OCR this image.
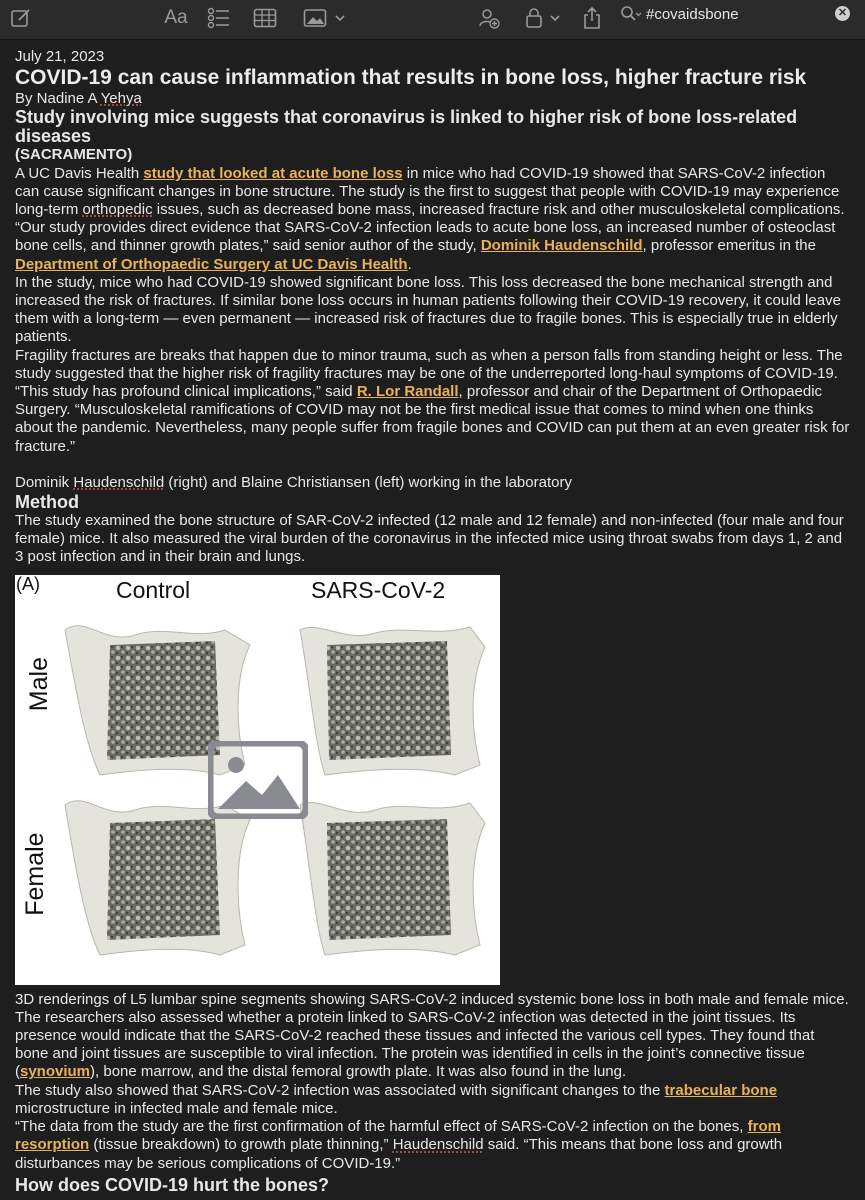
Aa
#covaidsbone	✕

July 21, 2023

COVID-19 can cause inflammation that results in bone loss, higher fracture risk

By Nadine A Yehya

Study involving mice suggests that coronavirus is linked to higher risk of bone loss-related diseases

(SACRAMENTO)

A UC Davis Health study that looked at acute bone loss in mice who had COVID-19 showed that SARS-CoV-2 infection can cause significant changes in bone structure. The study is the first to suggest that people with COVID-19 may experience long-term orthopedic issues, such as decreased bone mass, increased fracture risk and other musculoskeletal complications.

“Our study provides direct evidence that SARS-CoV-2 infection leads to acute bone loss, an increased number of osteoclast bone cells, and thinner growth plates,” said senior author of the study, Dominik Haudenschild, professor emeritus in the Department of Orthopaedic Surgery at UC Davis Health.

In the study, mice who had COVID-19 showed significant bone loss. This loss decreased the bone mechanical strength and increased the risk of fractures. If similar bone loss occurs in human patients following their COVID-19 recovery, it could leave them with a long-term — even permanent — increased risk of fractures due to fragile bones. This is especially true in elderly patients.

Fragility fractures are breaks that happen due to minor trauma, such as when a person falls from standing height or less. The study suggested that the higher risk of fragility fractures may be one of the underreported long-haul symptoms of COVID-19.

“This study has profound clinical implications,” said R. Lor Randall, professor and chair of the Department of Orthopaedic Surgery. “Musculoskeletal ramifications of COVID may not be the first medical issue that comes to mind when one thinks about the pandemic. Nevertheless, many people suffer from fragile bones and COVID can put them at an even greater risk for fracture.”

Dominik Haudenschild (right) and Blaine Christiansen (left) working in the laboratory

Method

The study examined the bone structure of SAR-CoV-2 infected (12 male and 12 female) and non-infected (four male and four female) mice. It also measured the viral burden of the coronavirus in the infected mice using throat swabs from days 1, 2 and 3 post infection and in their brain and lungs.

(A)	Control	SARS-CoV-2
Male
Female

3D renderings of L5 lumbar spine segments showing SARS-CoV-2 induced systemic bone loss in both male and female mice.

The researchers also assessed whether a protein linked to SARS-CoV-2 infection was detected in the joint tissues. Its presence would indicate that the SARS-CoV-2 reached these tissues and infected the various cell types. They found that bone and joint tissues are susceptible to viral infection. The protein was identified in cells in the joint’s connective tissue (synovium), bone marrow, and the distal femoral growth plate. It was also found in the lung.

The study also showed that SARS-CoV-2 infection was associated with significant changes to the trabecular bone microstructure in infected male and female mice.

“The data from the study are the first confirmation of the harmful effect of SARS-CoV-2 infection on the bones, from resorption (tissue breakdown) to growth plate thinning,” Haudenschild said. “This means that bone loss and growth disturbances may be serious complications of COVID-19.”

How does COVID-19 hurt the bones?
